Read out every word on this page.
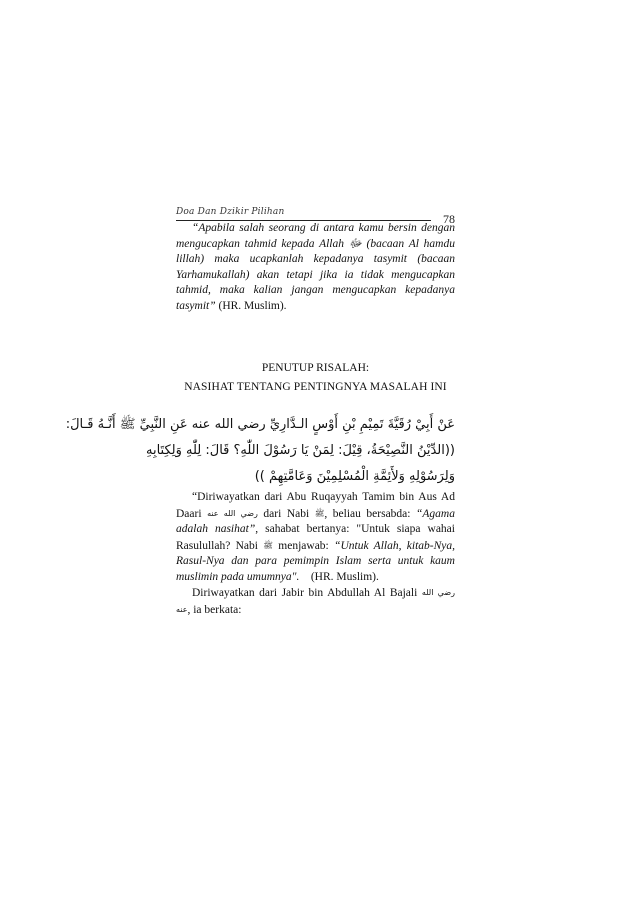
Doa Dan Dzikir Pilihan	78

“Apabila salah seorang di antara kamu bersin dengan mengucapkan tahmid kepada Allah ﷻ (bacaan Al hamdu lillah) maka ucapkanlah kepadanya tasymit (bacaan Yarhamukallah) akan tetapi jika ia tidak mengucapkan tahmid, maka kalian jangan mengucapkan kepadanya tasymit” (HR. Muslim).

PENUTUP RISALAH:

NASIHAT TENTANG PENTINGNYA MASALAH INI

عَنْ أَبِيْ رُقَيَّةَ تَمِيْمِ بْنِ أَوْسٍ الـدَّارِيِّ رضي الله عنه عَنِ النَّبِيِّ ﷺ أَنَّـهُ قَـالَ:
((الدِّيْنُ النَّصِيْحَةُ، قِيْلَ: لِمَنْ يَا رَسُوْلَ اللّٰهِ؟ قَالَ: لِلّٰهِ وَلِكِتَابِهِ
وَلِرَسُوْلِهِ وَلأَئِمَّةِ الْمُسْلِمِيْنَ وَعَامَّتِهِمْ ))

“Diriwayatkan dari Abu Ruqayyah Tamim bin Aus Ad Daari رضي الله عنه dari Nabi ﷺ, beliau bersabda: “Agama adalah nasihat”, sahabat bertanya: "Untuk siapa wahai Rasulullah? Nabi ﷺ menjawab: “Untuk Allah, kitab-Nya, Rasul-Nya dan para pemimpin Islam serta untuk kaum muslimin pada umumnya".    (HR. Muslim).

Diriwayatkan dari Jabir bin Abdullah Al Bajali رضي الله عنه, ia berkata:
